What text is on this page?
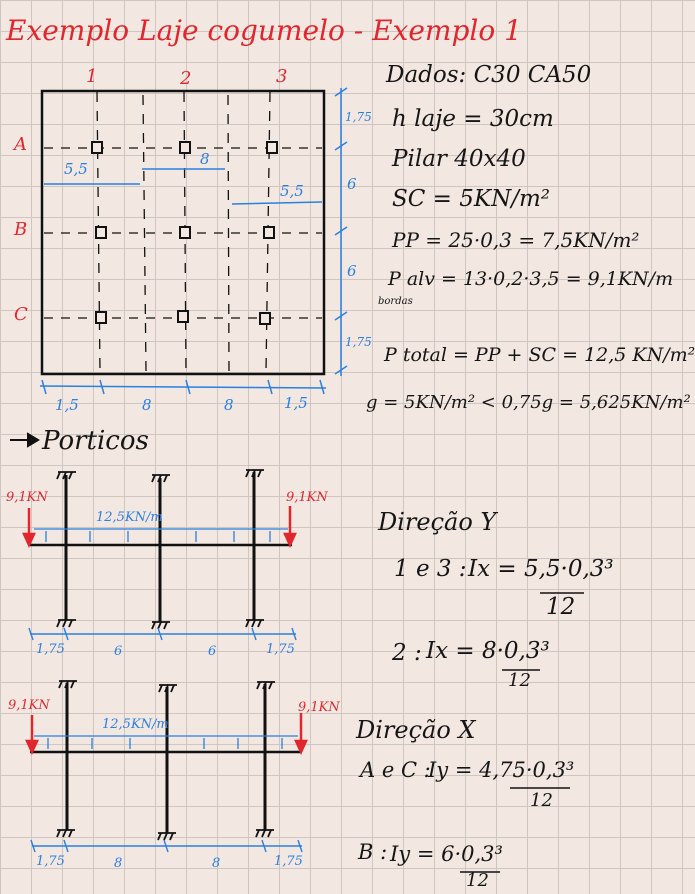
Exemplo Laje cogumelo - Exemplo 1
1	2	3
A
B
C
5,5
8
5,5
1,75
6
6
1,75
1,5	8	8	1,5
Dados: C30 CA50
h laje = 30cm
Pilar 40x40
SC = 5KN/m²
PP = 25·0,3 = 7,5KN/m²
P alv = 13·0,2·3,5 = 9,1KN/m
bordas
P total = PP + SC = 12,5 KN/m²
g = 5KN/m² < 0,75g = 5,625KN/m²
Porticos
9,1KN	9,1KN
12,5KN/m
1,75	6	6	1,75
9,1KN	9,1KN
12,5KN/m
1,75	8	8	1,75
Direção Y
1 e 3 : Ix = 5,5·0,3³
12
2 : Ix = 8·0,3³
12
Direção X
A e C :
Iy = 4,75·0,3³
12
B : Iy = 6·0,3³
12
